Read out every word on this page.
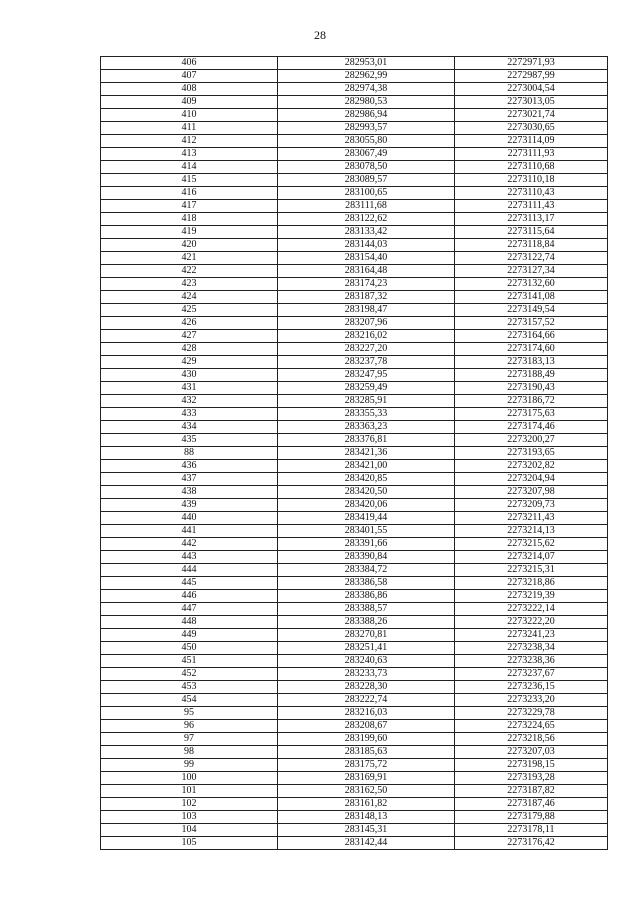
28
406	282953,01	2272971,93
407	282962,99	2272987,99
408	282974,38	2273004,54
409	282980,53	2273013,05
410	282986,94	2273021,74
411	282993,57	2273030,65
412	283055,80	2273114,09
413	283067,49	2273111,93
414	283078,50	2273110,68
415	283089,57	2273110,18
416	283100,65	2273110,43
417	283111,68	2273111,43
418	283122,62	2273113,17
419	283133,42	2273115,64
420	283144,03	2273118,84
421	283154,40	2273122,74
422	283164,48	2273127,34
423	283174,23	2273132,60
424	283187,32	2273141,08
425	283198,47	2273149,54
426	283207,96	2273157,52
427	283216,02	2273164,66
428	283227,20	2273174,60
429	283237,78	2273183,13
430	283247,95	2273188,49
431	283259,49	2273190,43
432	283285,91	2273186,72
433	283355,33	2273175,63
434	283363,23	2273174,46
435	283376,81	2273200,27
88	283421,36	2273193,65
436	283421,00	2273202,82
437	283420,85	2273204,94
438	283420,50	2273207,98
439	283420,06	2273209,73
440	283419,44	2273211,43
441	283401,55	2273214,13
442	283391,66	2273215,62
443	283390,84	2273214,07
444	283384,72	2273215,31
445	283386,58	2273218,86
446	283386,86	2273219,39
447	283388,57	2273222,14
448	283388,26	2273222,20
449	283270,81	2273241,23
450	283251,41	2273238,34
451	283240,63	2273238,36
452	283233,73	2273237,67
453	283228,30	2273236,15
454	283222,74	2273233,20
95	283216,03	2273229,78
96	283208,67	2273224,65
97	283199,60	2273218,56
98	283185,63	2273207,03
99	283175,72	2273198,15
100	283169,91	2273193,28
101	283162,50	2273187,82
102	283161,82	2273187,46
103	283148,13	2273179,88
104	283145,31	2273178,11
105	283142,44	2273176,42
